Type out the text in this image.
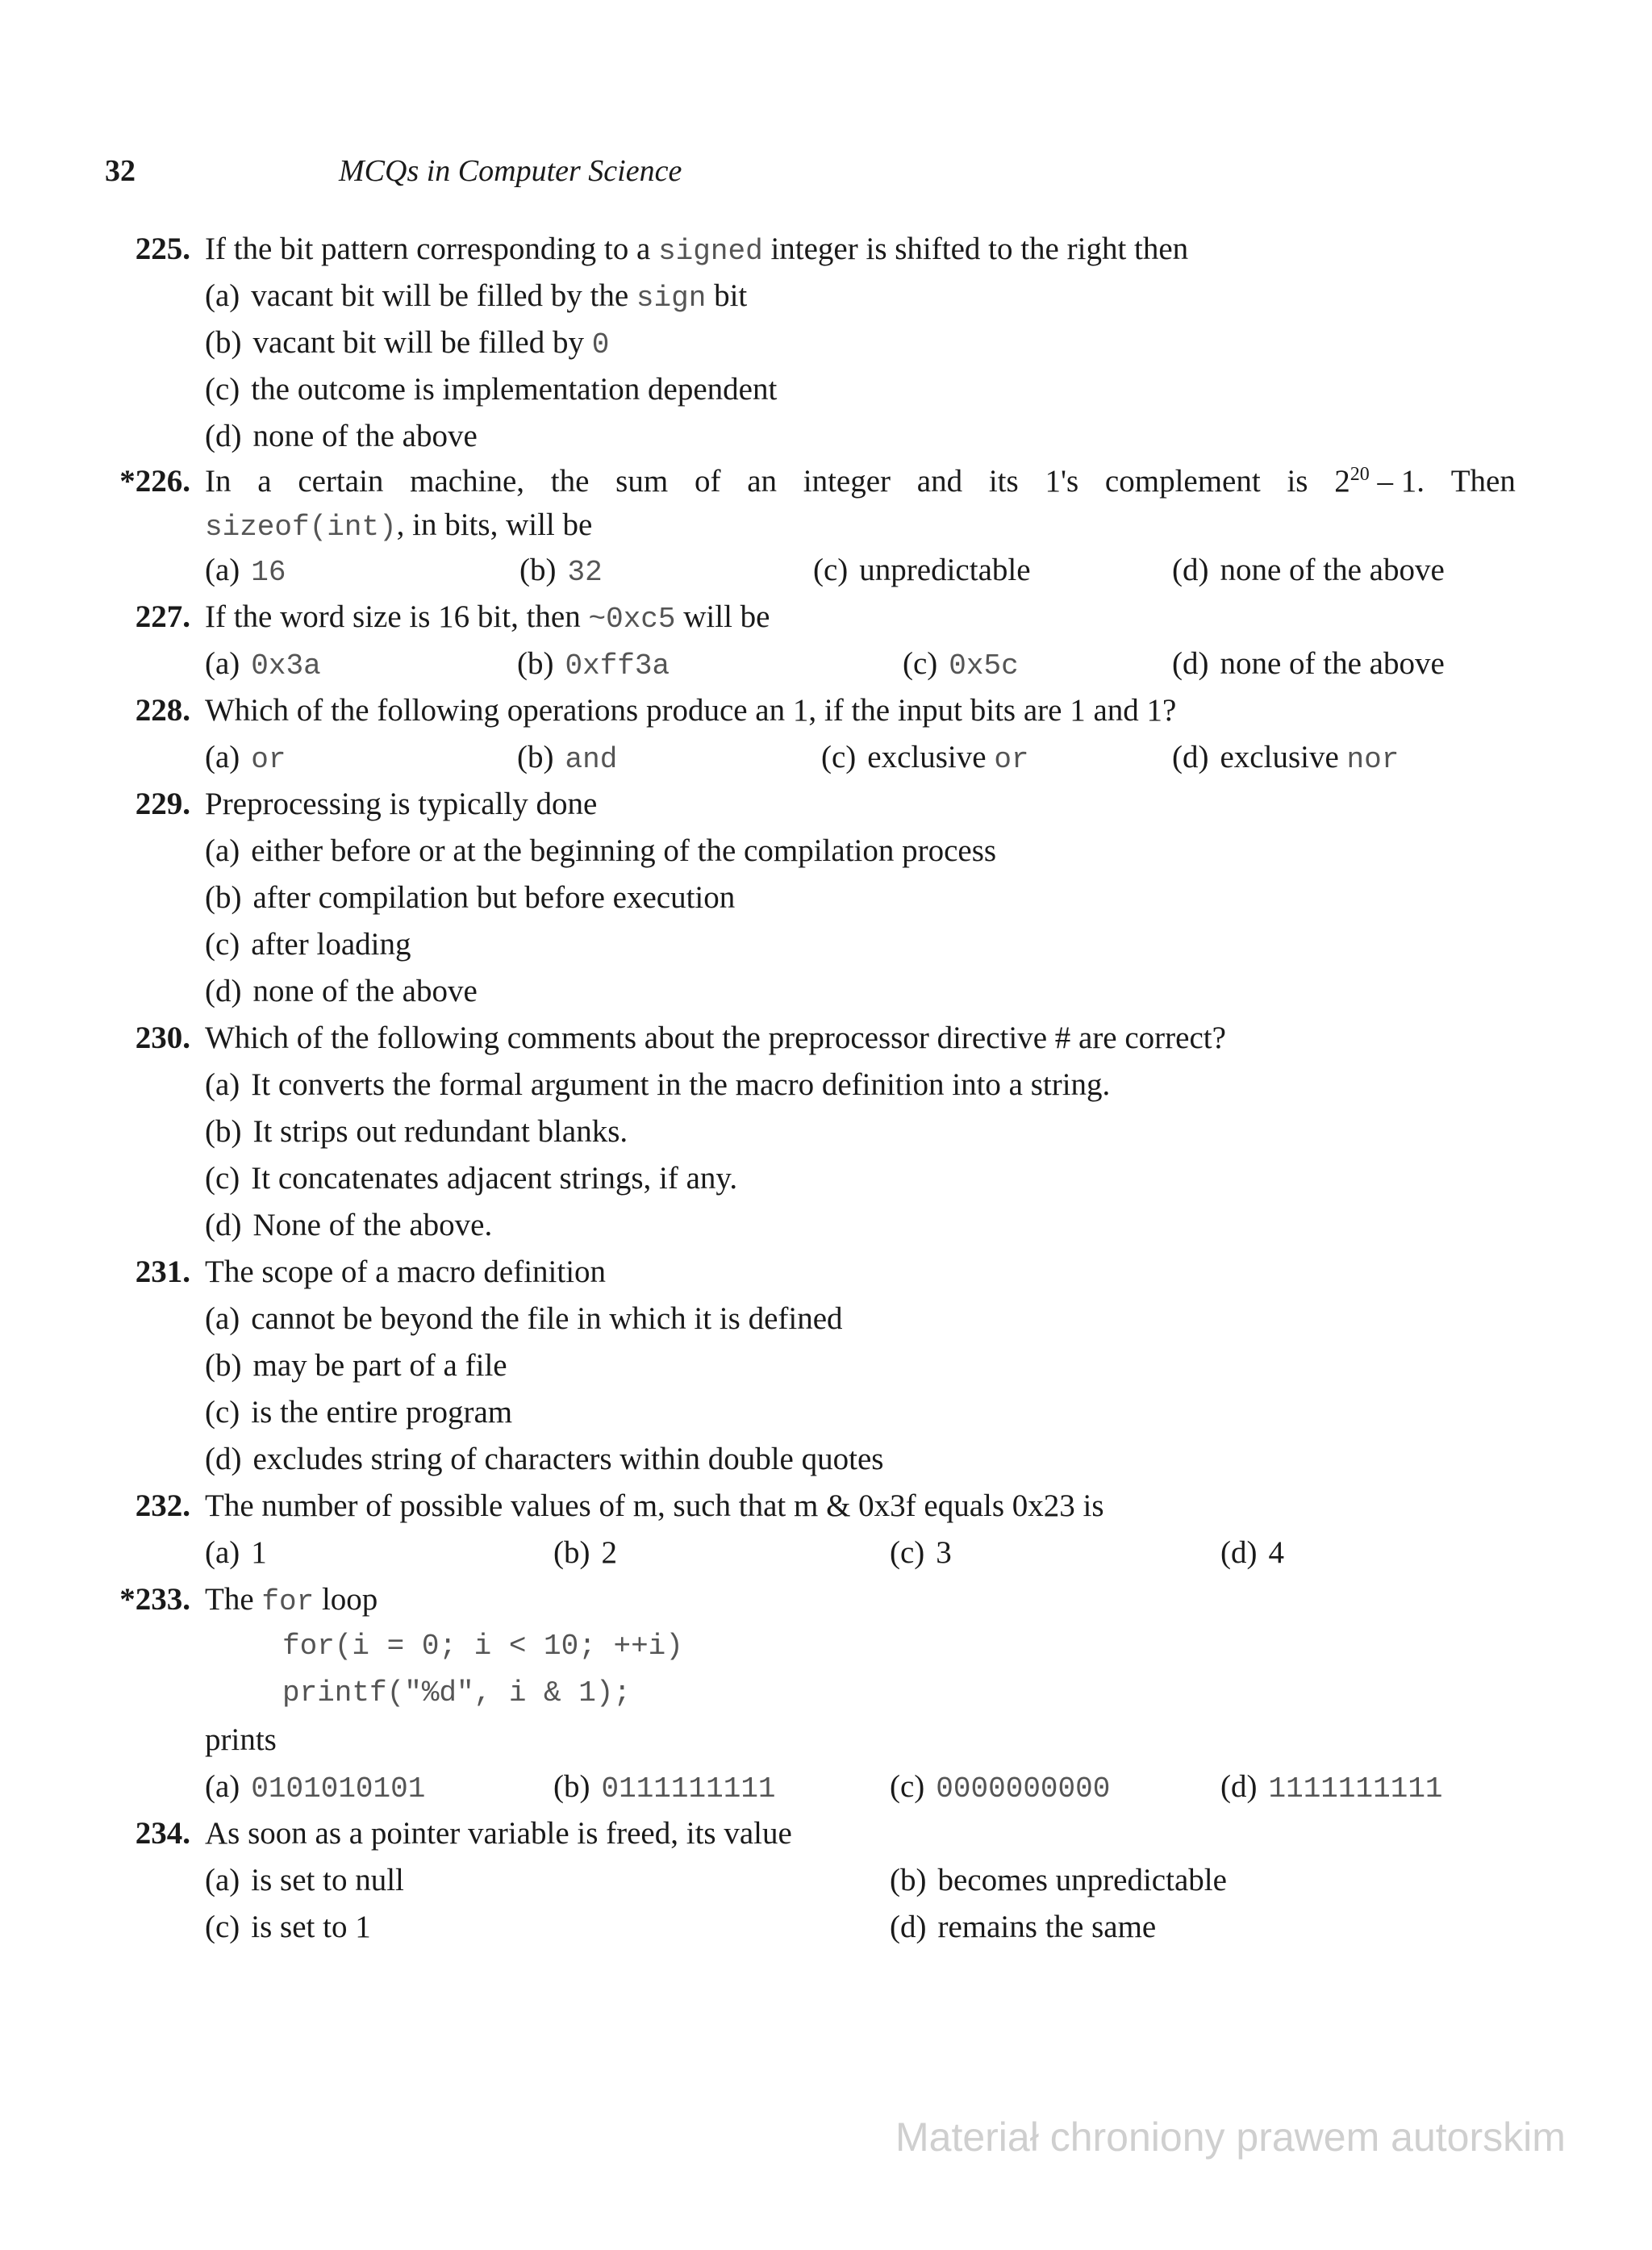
32	MCQs in Computer Science
225. If the bit pattern corresponding to a signed integer is shifted to the right then
(a) vacant bit will be filled by the sign bit
(b) vacant bit will be filled by 0
(c) the outcome is implementation dependent
(d) none of the above
*226. In a certain machine, the sum of an integer and its 1's complement is $2^{20} - 1$. Then
sizeof(int), in bits, will be
(a) 16	(b) 32	(c) unpredictable	(d) none of the above
227. If the word size is 16 bit, then ~0xc5 will be
(a) 0x3a	(b) 0xff3a	(c) 0x5c	(d) none of the above
228. Which of the following operations produce an 1, if the input bits are 1 and 1?
(a) or	(b) and	(c) exclusive or	(d) exclusive nor
229. Preprocessing is typically done
(a) either before or at the beginning of the compilation process
(b) after compilation but before execution
(c) after loading
(d) none of the above
230. Which of the following comments about the preprocessor directive # are correct?
(a) It converts the formal argument in the macro definition into a string.
(b) It strips out redundant blanks.
(c) It concatenates adjacent strings, if any.
(d) None of the above.
231. The scope of a macro definition
(a) cannot be beyond the file in which it is defined
(b) may be part of a file
(c) is the entire program
(d) excludes string of characters within double quotes
232. The number of possible values of m, such that m & 0x3f equals 0x23 is
(a) 1	(b) 2	(c) 3	(d) 4
*233. The for loop
for(i = 0; i < 10; ++i)
printf("%d", i & 1);
prints
(a) 0101010101	(b) 0111111111	(c) 0000000000	(d) 1111111111
234. As soon as a pointer variable is freed, its value
(a) is set to null	(b) becomes unpredictable
(c) is set to 1	(d) remains the same
Materiał chroniony prawem autorskim
